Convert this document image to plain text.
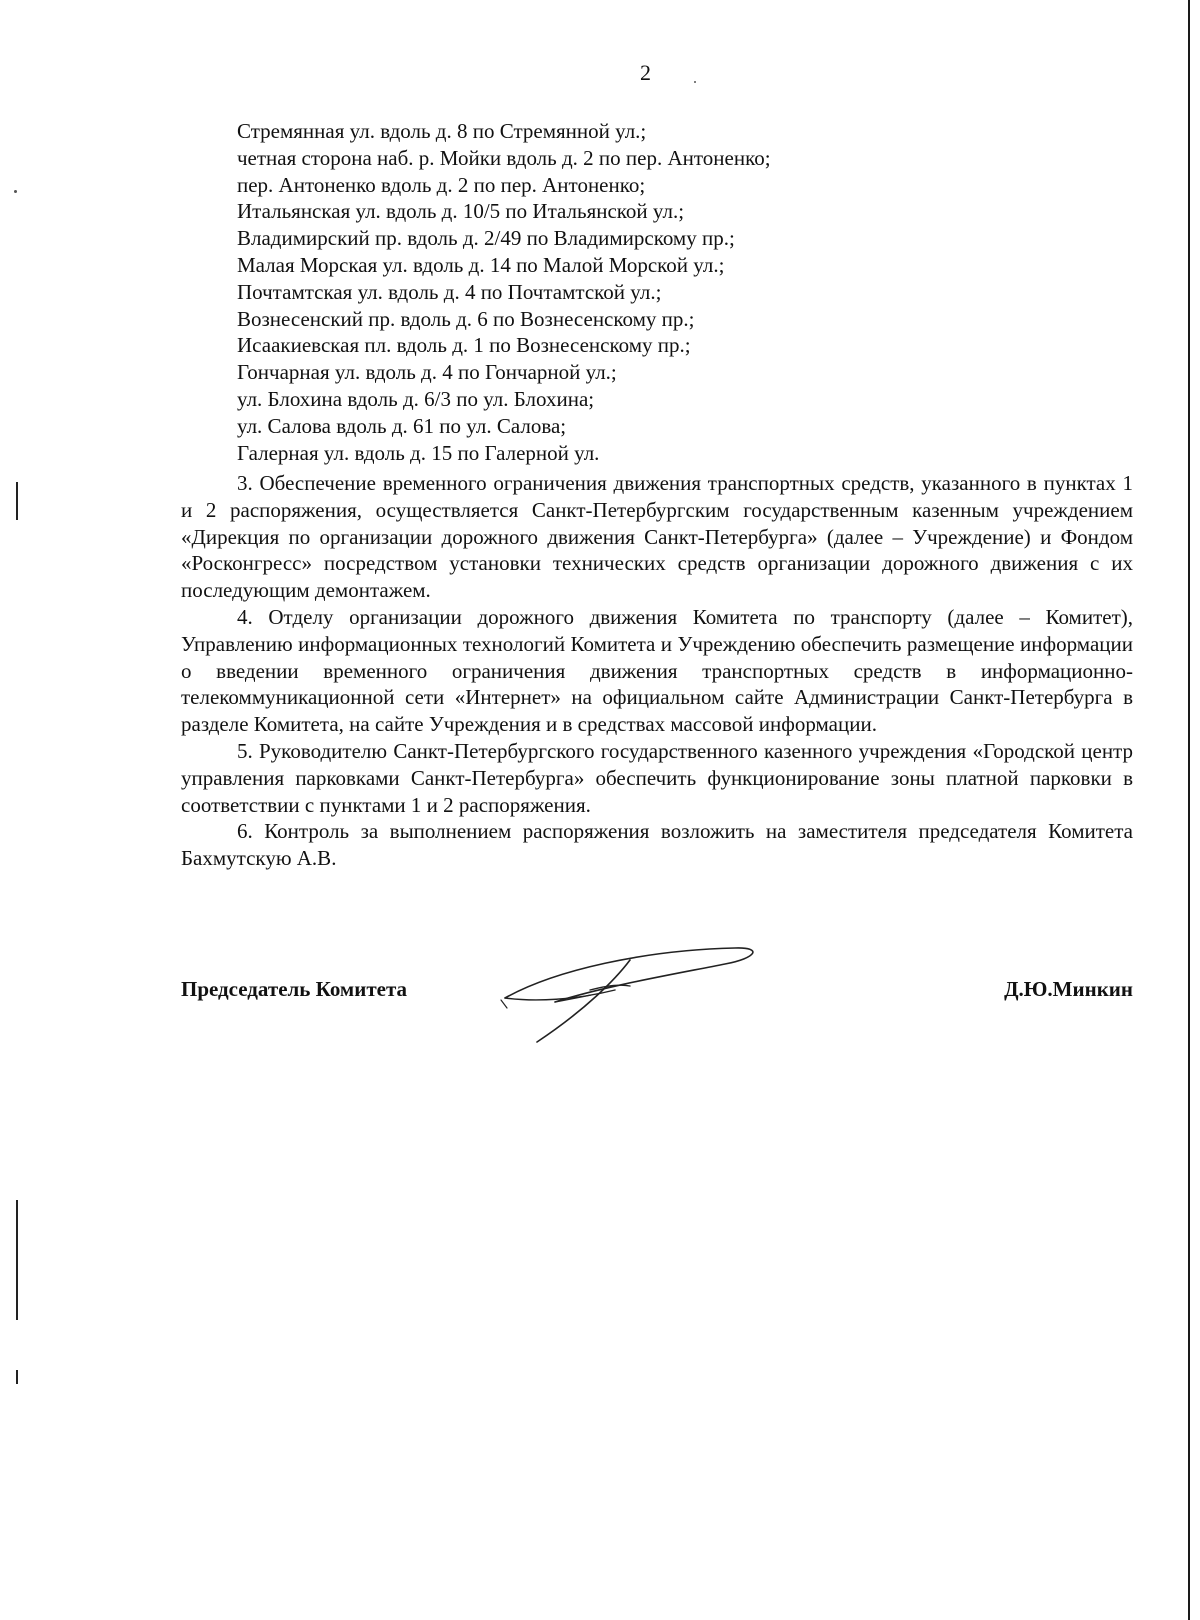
2
Стремянная ул. вдоль д. 8 по Стремянной ул.;
четная сторона наб. р. Мойки вдоль д. 2 по пер. Антоненко;
пер. Антоненко вдоль д. 2 по пер. Антоненко;
Итальянская ул. вдоль д. 10/5 по Итальянской ул.;
Владимирский пр. вдоль д. 2/49 по Владимирскому пр.;
Малая Морская ул. вдоль д. 14 по Малой Морской ул.;
Почтамтская ул. вдоль д. 4 по Почтамтской ул.;
Вознесенский пр. вдоль д. 6 по Вознесенскому пр.;
Исаакиевская пл. вдоль д. 1 по Вознесенскому пр.;
Гончарная ул. вдоль д. 4 по Гончарной ул.;
ул. Блохина вдоль д. 6/3 по ул. Блохина;
ул. Салова вдоль д. 61 по ул. Салова;
Галерная ул. вдоль д. 15 по Галерной ул.

3. Обеспечение временного ограничения движения транспортных средств, указанного в пунктах 1 и 2 распоряжения, осуществляется Санкт-Петербургским государственным казенным учреждением «Дирекция по организации дорожного движения Санкт-Петербурга» (далее – Учреждение) и Фондом «Росконгресс» посредством установки технических средств организации дорожного движения с их последующим демонтажем.

4. Отделу организации дорожного движения Комитета по транспорту (далее – Комитет), Управлению информационных технологий Комитета и Учреждению обеспечить размещение информации о введении временного ограничения движения транспортных средств в информационно-телекоммуникационной сети «Интернет» на официальном сайте Администрации Санкт-Петербурга в разделе Комитета, на сайте Учреждения и в средствах массовой информации.

5. Руководителю Санкт-Петербургского государственного казенного учреждения «Городской центр управления парковками Санкт-Петербурга» обеспечить функционирование зоны платной парковки в соответствии с пунктами 1 и 2 распоряжения.

6. Контроль за выполнением распоряжения возложить на заместителя председателя Комитета Бахмутскую А.В.

Председатель Комитета	Д.Ю.Минкин
